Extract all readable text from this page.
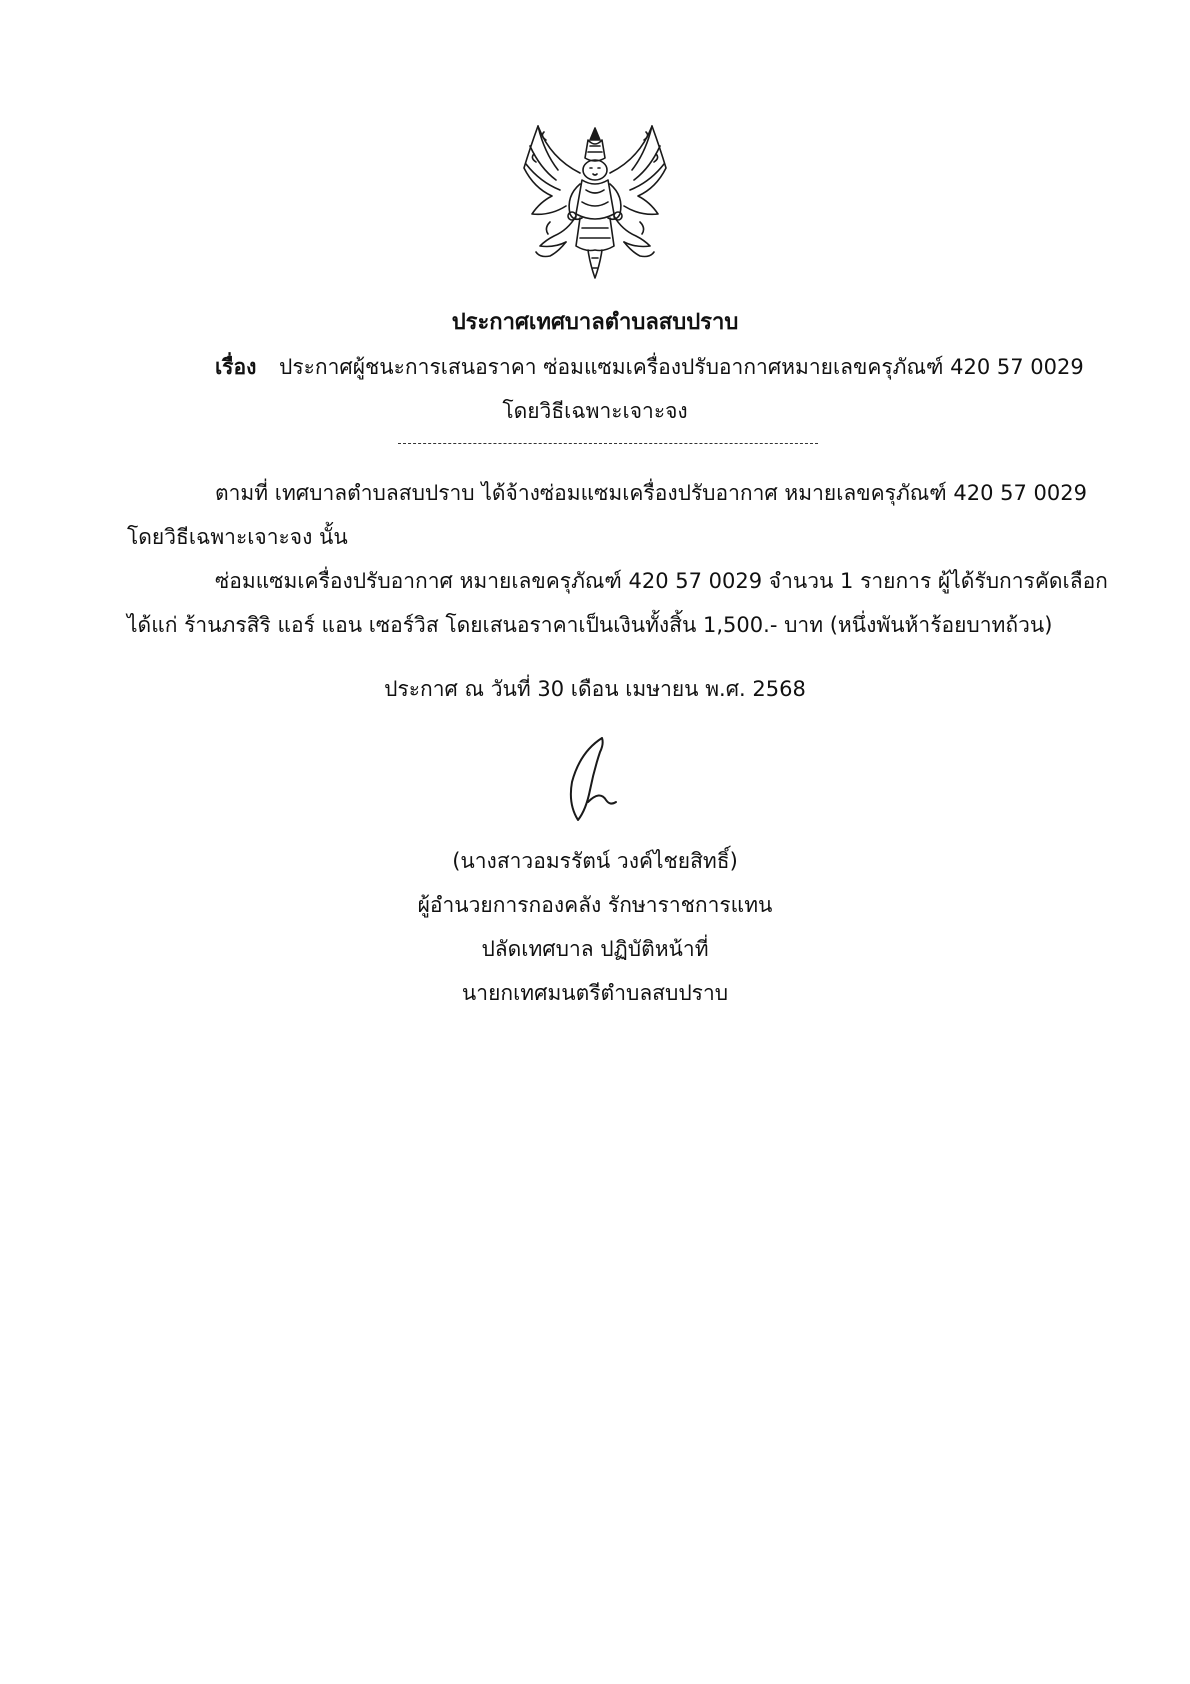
ประกาศเทศบาลตำบลสบปราบ
เรื่อง ประกาศผู้ชนะการเสนอราคา ซ่อมแซมเครื่องปรับอากาศหมายเลขครุภัณฑ์ 420 57 0029
โดยวิธีเฉพาะเจาะจง
ตามที่ เทศบาลตำบลสบปราบ ได้จ้างซ่อมแซมเครื่องปรับอากาศ หมายเลขครุภัณฑ์ 420 57 0029
โดยวิธีเฉพาะเจาะจง นั้น
ซ่อมแซมเครื่องปรับอากาศ หมายเลขครุภัณฑ์ 420 57 0029 จำนวน 1 รายการ ผู้ได้รับการคัดเลือก
ได้แก่ ร้านภรสิริ แอร์ แอน เซอร์วิส โดยเสนอราคาเป็นเงินทั้งสิ้น 1,500.- บาท (หนึ่งพันห้าร้อยบาทถ้วน)
ประกาศ ณ วันที่ 30 เดือน เมษายน พ.ศ. 2568
(นางสาวอมรรัตน์ วงค์ไชยสิทธิ์)
ผู้อำนวยการกองคลัง รักษาราชการแทน
ปลัดเทศบาล ปฏิบัติหน้าที่
นายกเทศมนตรีตำบลสบปราบ
